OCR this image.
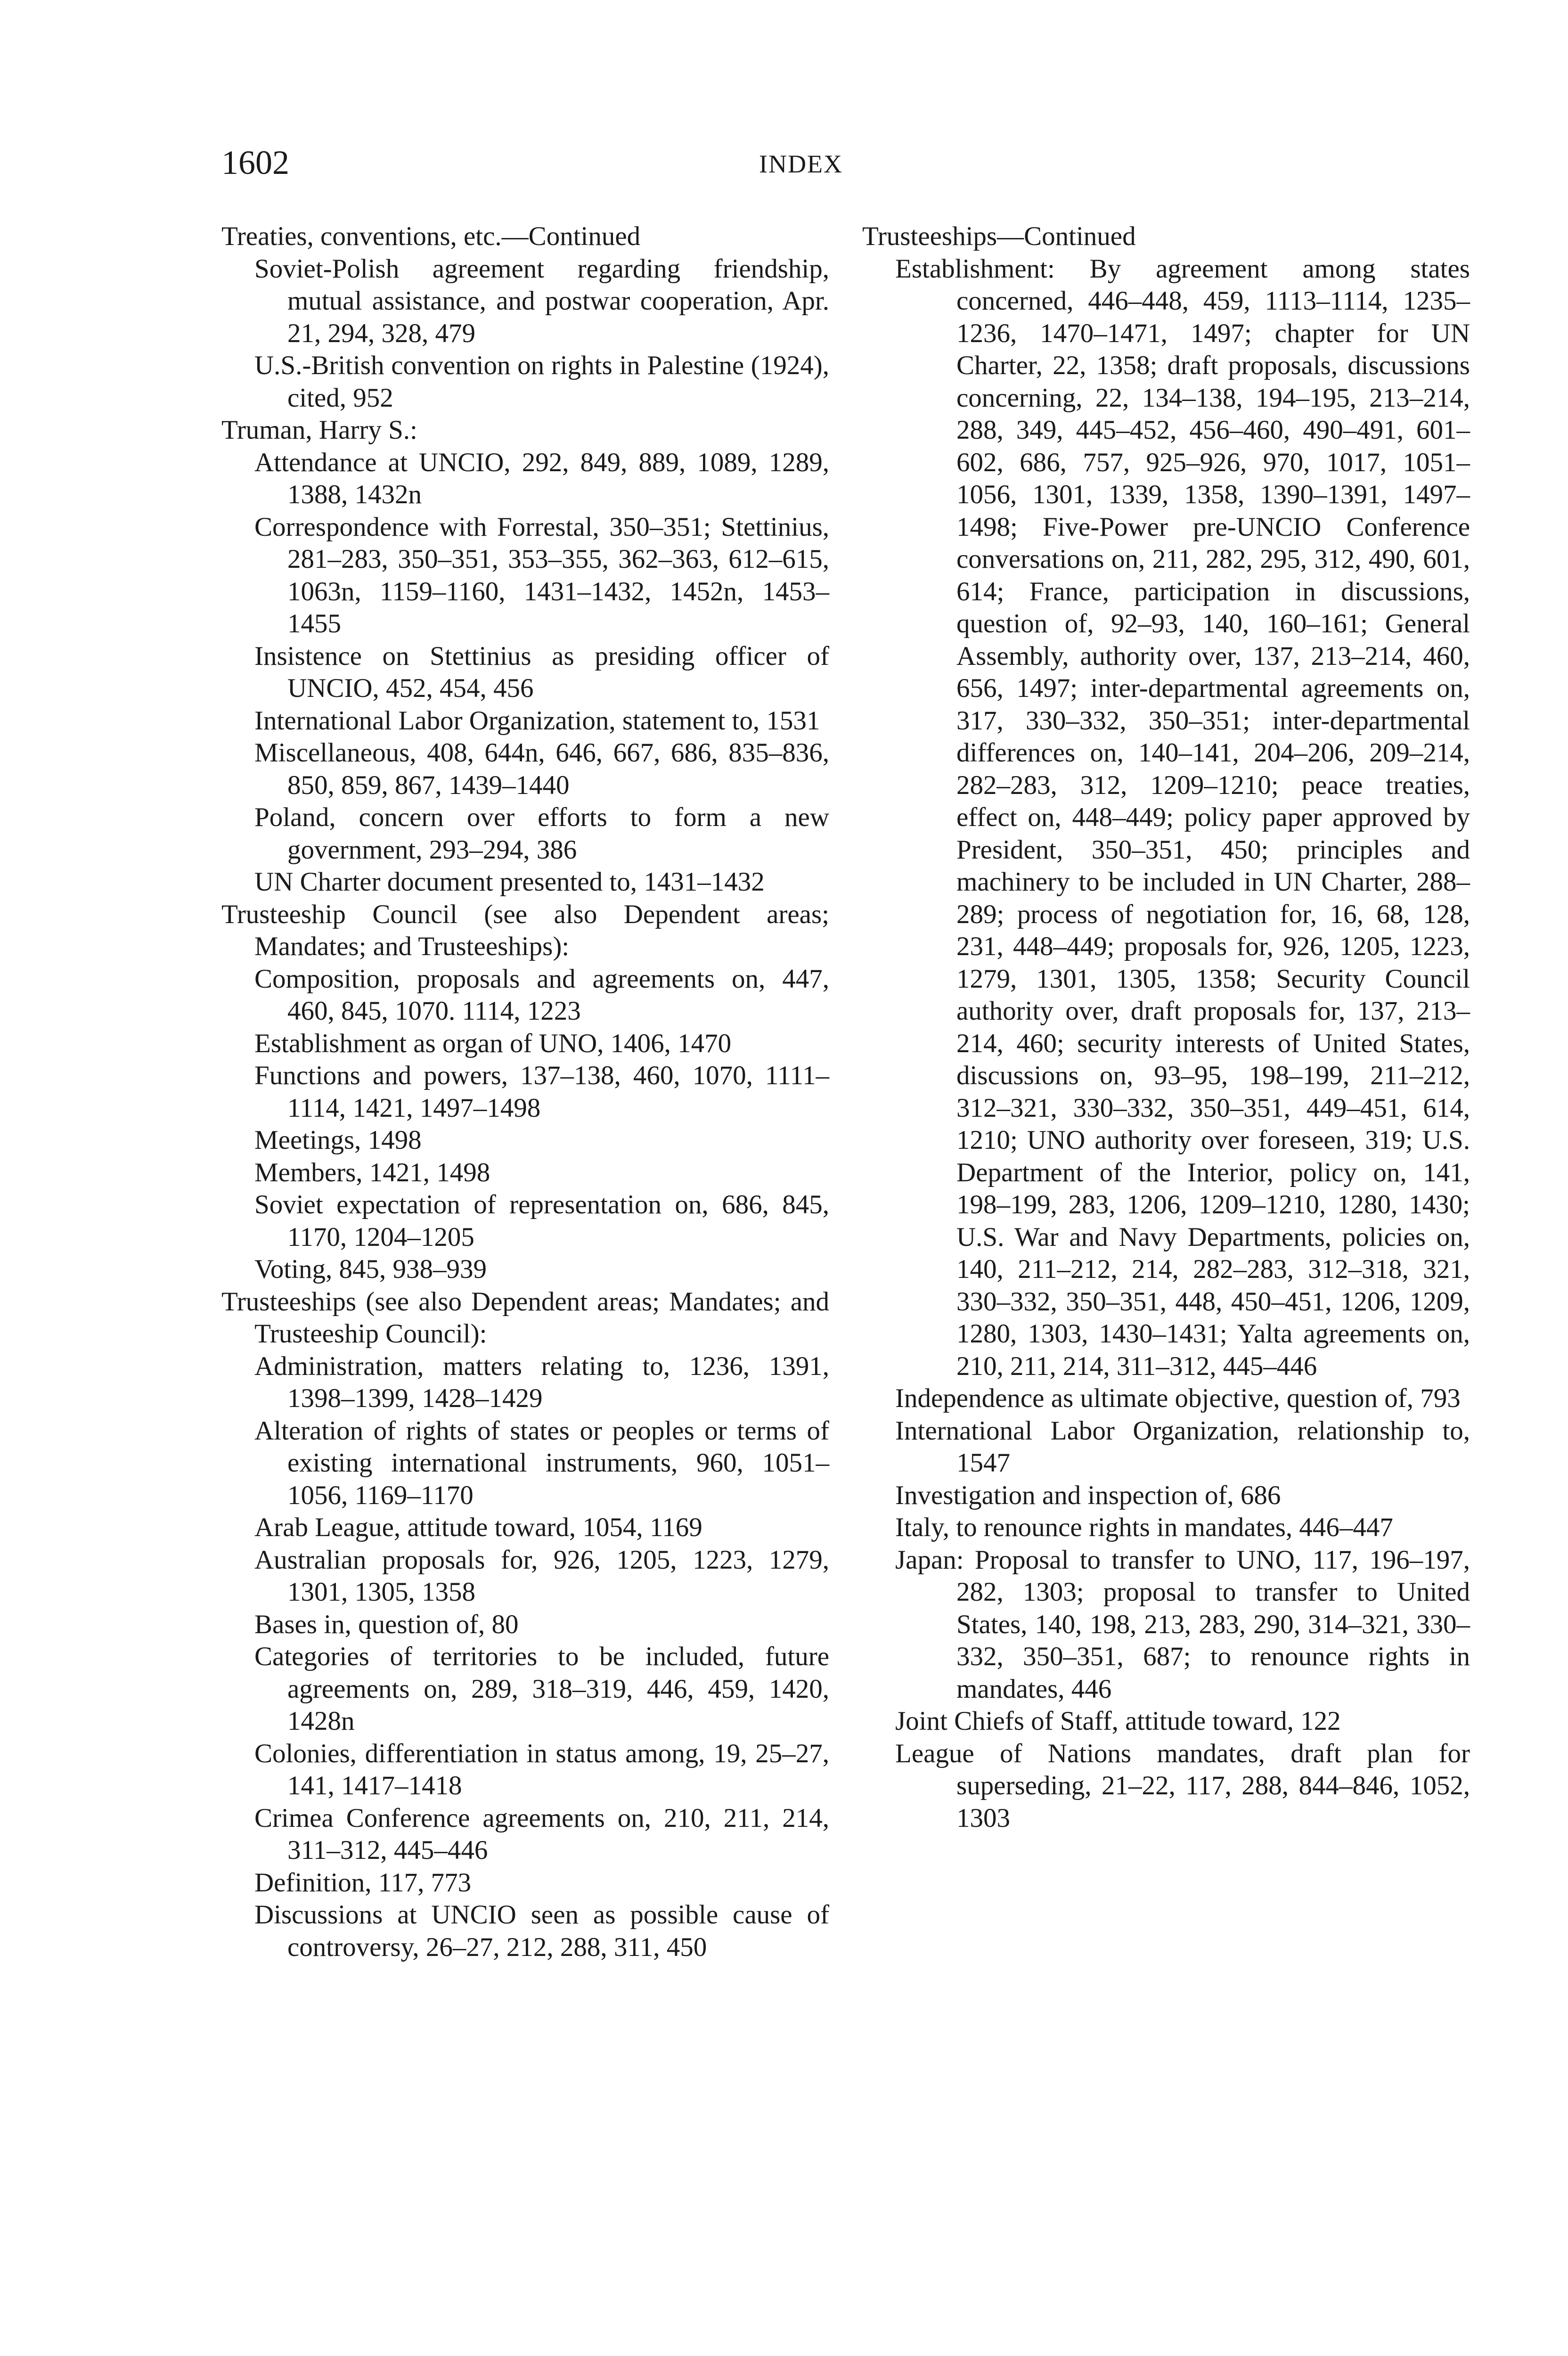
1602	INDEX

Treaties, conventions, etc.—Continued

Soviet-Polish agreement regarding friendship, mutual assistance, and postwar cooperation, Apr. 21, 294, 328, 479

U.S.-British convention on rights in Palestine (1924), cited, 952

Truman, Harry S.:

Attendance at UNCIO, 292, 849, 889, 1089, 1289, 1388, 1432n

Correspondence with Forrestal, 350–351; Stettinius, 281–283, 350–351, 353–355, 362–363, 612–615, 1063n, 1159–1160, 1431–1432, 1452n, 1453–1455

Insistence on Stettinius as presiding officer of UNCIO, 452, 454, 456

International Labor Organization, statement to, 1531

Miscellaneous, 408, 644n, 646, 667, 686, 835–836, 850, 859, 867, 1439–1440

Poland, concern over efforts to form a new government, 293–294, 386

UN Charter document presented to, 1431–1432

Trusteeship Council (see also Dependent areas; Mandates; and Trusteeships):

Composition, proposals and agreements on, 447, 460, 845, 1070. 1114, 1223

Establishment as organ of UNO, 1406, 1470

Functions and powers, 137–138, 460, 1070, 1111–1114, 1421, 1497–1498

Meetings, 1498

Members, 1421, 1498

Soviet expectation of representation on, 686, 845, 1170, 1204–1205

Voting, 845, 938–939

Trusteeships (see also Dependent areas; Mandates; and Trusteeship Council):

Administration, matters relating to, 1236, 1391, 1398–1399, 1428–1429

Alteration of rights of states or peoples or terms of existing international instruments, 960, 1051–1056, 1169–1170

Arab League, attitude toward, 1054, 1169

Australian proposals for, 926, 1205, 1223, 1279, 1301, 1305, 1358

Bases in, question of, 80

Categories of territories to be included, future agreements on, 289, 318–319, 446, 459, 1420, 1428n

Colonies, differentiation in status among, 19, 25–27, 141, 1417–1418

Crimea Conference agreements on, 210, 211, 214, 311–312, 445–446

Definition, 117, 773

Discussions at UNCIO seen as possible cause of controversy, 26–27, 212, 288, 311, 450

Trusteeships—Continued

Establishment: By agreement among states concerned, 446–448, 459, 1113–1114, 1235–1236, 1470–1471, 1497; chapter for UN Charter, 22, 1358; draft proposals, discussions concerning, 22, 134–138, 194–195, 213–214, 288, 349, 445–452, 456–460, 490–491, 601–602, 686, 757, 925–926, 970, 1017, 1051–1056, 1301, 1339, 1358, 1390–1391, 1497–1498; Five-Power pre-UNCIO Conference conversations on, 211, 282, 295, 312, 490, 601, 614; France, participation in discussions, question of, 92–93, 140, 160–161; General Assembly, authority over, 137, 213–214, 460, 656, 1497; inter-departmental agreements on, 317, 330–332, 350–351; inter-departmental differences on, 140–141, 204–206, 209–214, 282–283, 312, 1209–1210; peace treaties, effect on, 448–449; policy paper approved by President, 350–351, 450; principles and machinery to be included in UN Charter, 288–289; process of negotiation for, 16, 68, 128, 231, 448–449; proposals for, 926, 1205, 1223, 1279, 1301, 1305, 1358; Security Council authority over, draft proposals for, 137, 213–214, 460; security interests of United States, discussions on, 93–95, 198–199, 211–212, 312–321, 330–332, 350–351, 449–451, 614, 1210; UNO authority over foreseen, 319; U.S. Department of the Interior, policy on, 141, 198–199, 283, 1206, 1209–1210, 1280, 1430; U.S. War and Navy Departments, policies on, 140, 211–212, 214, 282–283, 312–318, 321, 330–332, 350–351, 448, 450–451, 1206, 1209, 1280, 1303, 1430–1431; Yalta agreements on, 210, 211, 214, 311–312, 445–446

Independence as ultimate objective, question of, 793

International Labor Organization, relationship to, 1547

Investigation and inspection of, 686

Italy, to renounce rights in mandates, 446–447

Japan: Proposal to transfer to UNO, 117, 196–197, 282, 1303; proposal to transfer to United States, 140, 198, 213, 283, 290, 314–321, 330–332, 350–351, 687; to renounce rights in mandates, 446

Joint Chiefs of Staff, attitude toward, 122

League of Nations mandates, draft plan for superseding, 21–22, 117, 288, 844–846, 1052, 1303
